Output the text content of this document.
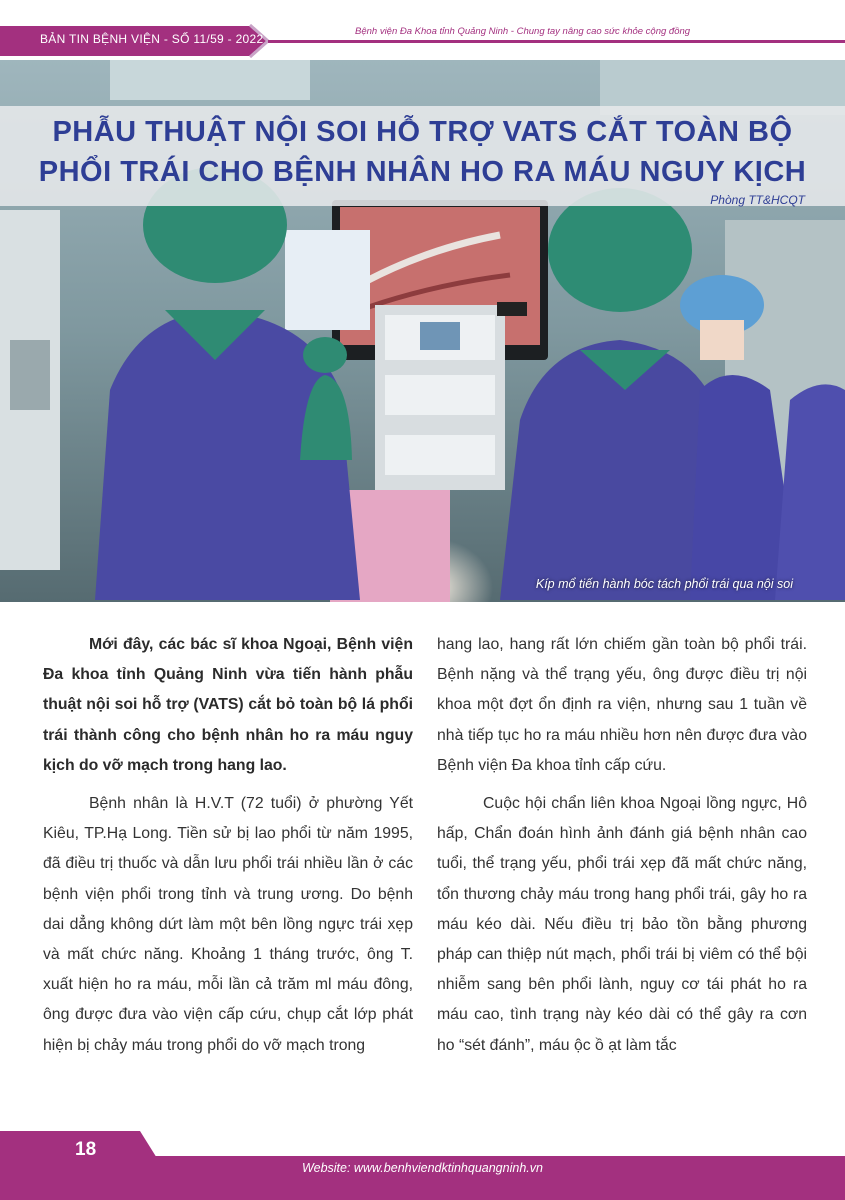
BẢN TIN BỆNH VIỆN - SỐ 11/59 - 2022
Bệnh viện Đa Khoa tỉnh Quảng Ninh - Chung tay nâng cao sức khỏe cộng đồng
PHẪU THUẬT NỘI SOI HỖ TRỢ VATS CẮT TOÀN BỘ
PHỔI TRÁI CHO BỆNH NHÂN HO RA MÁU NGUY KỊCH
Phòng TT&HCQT
Kíp mổ tiến hành bóc tách phổi trái qua nội soi

Mới đây, các bác sĩ khoa Ngoại, Bệnh viện Đa khoa tỉnh Quảng Ninh vừa tiến hành phẫu thuật nội soi hỗ trợ (VATS) cắt bỏ toàn bộ lá phổi trái thành công cho bệnh nhân ho ra máu nguy kịch do vỡ mạch trong hang lao.

Bệnh nhân là H.V.T (72 tuổi) ở phường Yết Kiêu, TP.Hạ Long. Tiền sử bị lao phổi từ năm 1995, đã điều trị thuốc và dẫn lưu phổi trái nhiều lần ở các bệnh viện phổi trong tỉnh và trung ương. Do bệnh dai dẳng không dứt làm một bên lồng ngực trái xẹp và mất chức năng. Khoảng 1 tháng trước, ông T. xuất hiện ho ra máu, mỗi lần cả trăm ml máu đông, ông được đưa vào viện cấp cứu, chụp cắt lớp phát hiện bị chảy máu trong phổi do vỡ mạch trong

hang lao, hang rất lớn chiếm gần toàn bộ phổi trái. Bệnh nặng và thể trạng yếu, ông được điều trị nội khoa một đợt ổn định ra viện, nhưng sau 1 tuần về nhà tiếp tục ho ra máu nhiều hơn nên được đưa vào Bệnh viện Đa khoa tỉnh cấp cứu.

Cuộc hội chẩn liên khoa Ngoại lồng ngực, Hô hấp, Chẩn đoán hình ảnh đánh giá bệnh nhân cao tuổi, thể trạng yếu, phổi trái xẹp đã mất chức năng, tổn thương chảy máu trong hang phổi trái, gây ho ra máu kéo dài. Nếu điều trị bảo tồn bằng phương pháp can thiệp nút mạch, phổi trái bị viêm có thể bội nhiễm sang bên phổi lành, nguy cơ tái phát ho ra máu cao, tình trạng này kéo dài có thể gây ra cơn ho “sét đánh”, máu ộc ồ ạt làm tắc

18
Website: www.benhviendktinhquangninh.vn
